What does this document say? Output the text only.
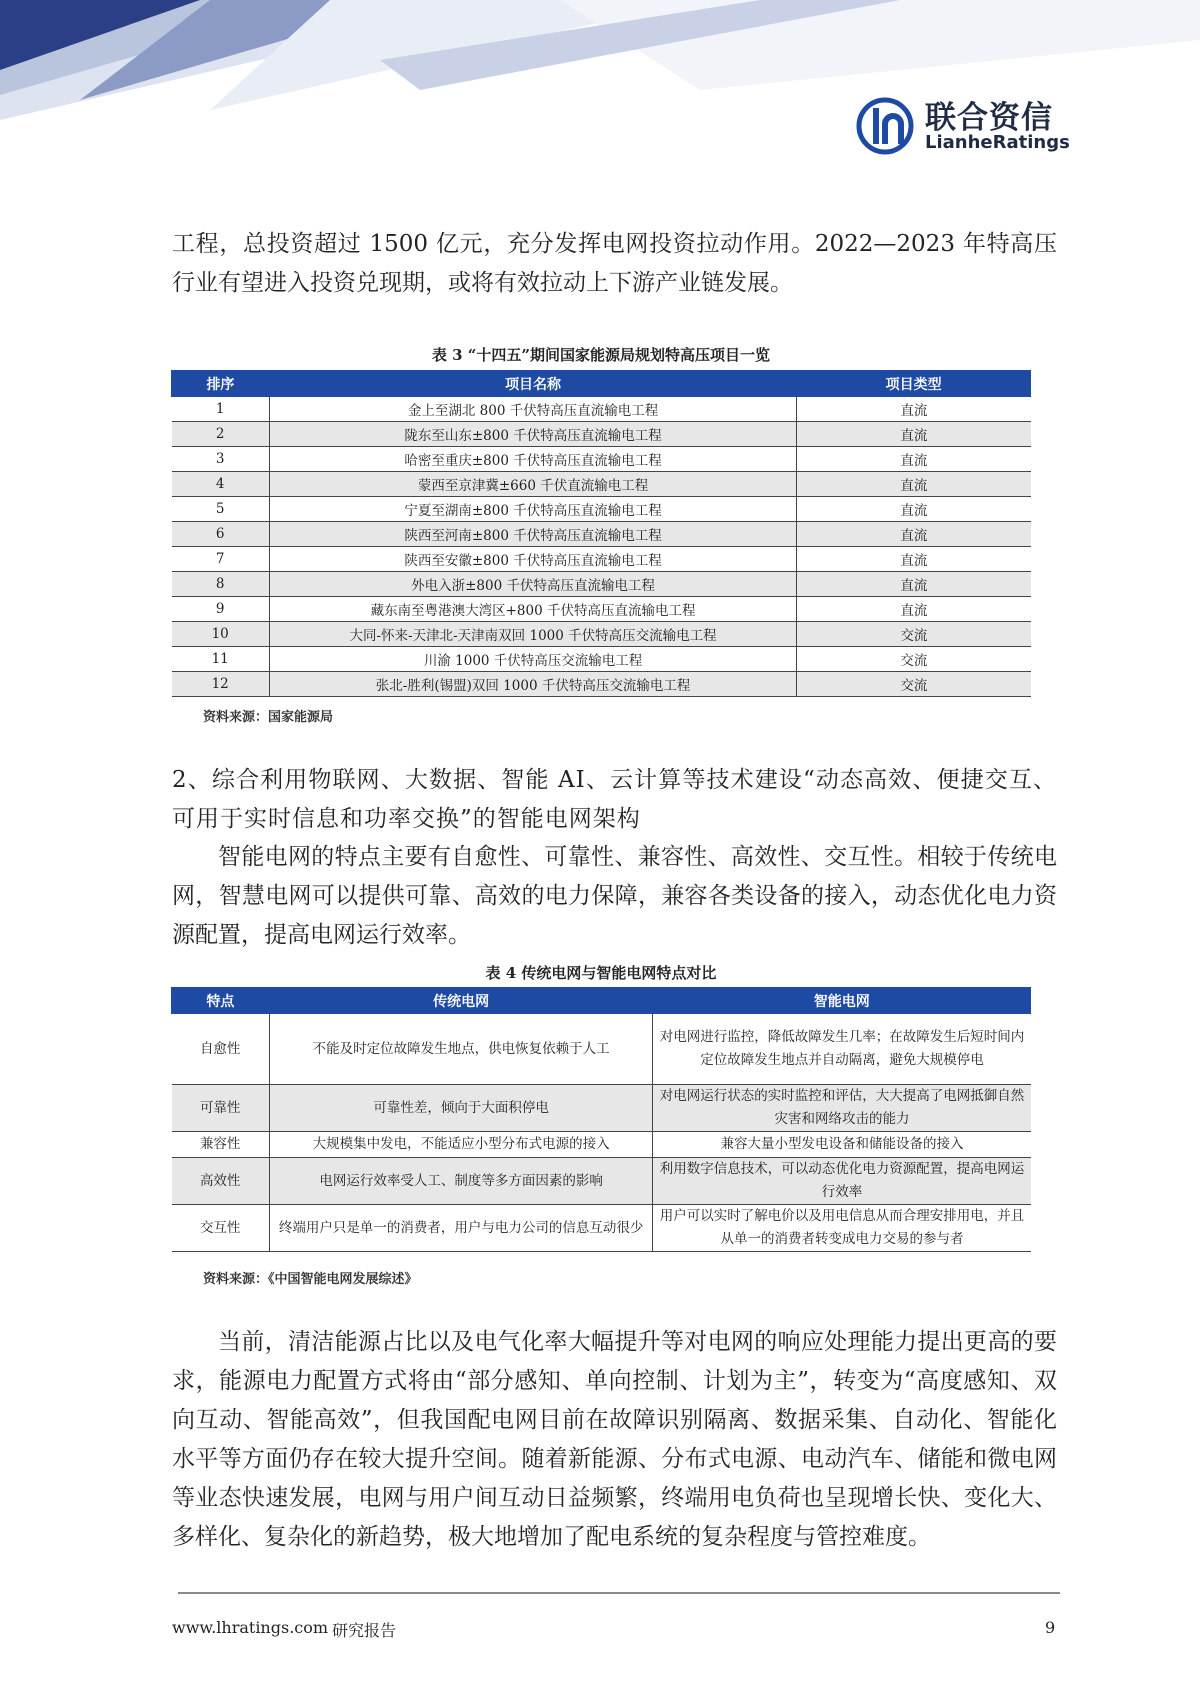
联合资信
LianheRatings

工程，总投资超过 1500 亿元，充分发挥电网投资拉动作用。2022—2023 年特高压行业有望进入投资兑现期，或将有效拉动上下游产业链发展。

表 3 “十四五”期间国家能源局规划特高压项目一览
排序	项目名称	项目类型
1	金上至湖北 800 千伏特高压直流输电工程	直流
2	陇东至山东±800 千伏特高压直流输电工程	直流
3	哈密至重庆±800 千伏特高压直流输电工程	直流
4	蒙西至京津冀±660 千伏直流输电工程	直流
5	宁夏至湖南±800 千伏特高压直流输电工程	直流
6	陕西至河南±800 千伏特高压直流输电工程	直流
7	陕西至安徽±800 千伏特高压直流输电工程	直流
8	外电入浙±800 千伏特高压直流输电工程	直流
9	藏东南至粤港澳大湾区+800 千伏特高压直流输电工程	直流
10	大同-怀来-天津北-天津南双回 1000 千伏特高压交流输电工程	交流
11	川渝 1000 千伏特高压交流输电工程	交流
12	张北-胜利(锡盟)双回 1000 千伏特高压交流输电工程	交流
资料来源：国家能源局

2、综合利用物联网、大数据、智能 AI、云计算等技术建设“动态高效、便捷交互、可用于实时信息和功率交换”的智能电网架构

智能电网的特点主要有自愈性、可靠性、兼容性、高效性、交互性。相较于传统电网，智慧电网可以提供可靠、高效的电力保障，兼容各类设备的接入，动态优化电力资源配置，提高电网运行效率。

表 4 传统电网与智能电网特点对比
特点	传统电网	智能电网
自愈性	不能及时定位故障发生地点，供电恢复依赖于人工	对电网进行监控，降低故障发生几率；在故障发生后短时间内定位故障发生地点并自动隔离，避免大规模停电
可靠性	可靠性差，倾向于大面积停电	对电网运行状态的实时监控和评估，大大提高了电网抵御自然灾害和网络攻击的能力
兼容性	大规模集中发电，不能适应小型分布式电源的接入	兼容大量小型发电设备和储能设备的接入
高效性	电网运行效率受人工、制度等多方面因素的影响	利用数字信息技术，可以动态优化电力资源配置，提高电网运行效率
交互性	终端用户只是单一的消费者，用户与电力公司的信息互动很少	用户可以实时了解电价以及用电信息从而合理安排用电，并且从单一的消费者转变成电力交易的参与者
资料来源：《中国智能电网发展综述》

当前，清洁能源占比以及电气化率大幅提升等对电网的响应处理能力提出更高的要求，能源电力配置方式将由“部分感知、单向控制、计划为主”，转变为“高度感知、双向互动、智能高效”，但我国配电网目前在故障识别隔离、数据采集、自动化、智能化水平等方面仍存在较大提升空间。随着新能源、分布式电源、电动汽车、储能和微电网等业态快速发展，电网与用户间互动日益频繁，终端用电负荷也呈现增长快、变化大、多样化、复杂化的新趋势，极大地增加了配电系统的复杂程度与管控难度。

www.lhratings.com 研究报告	9
